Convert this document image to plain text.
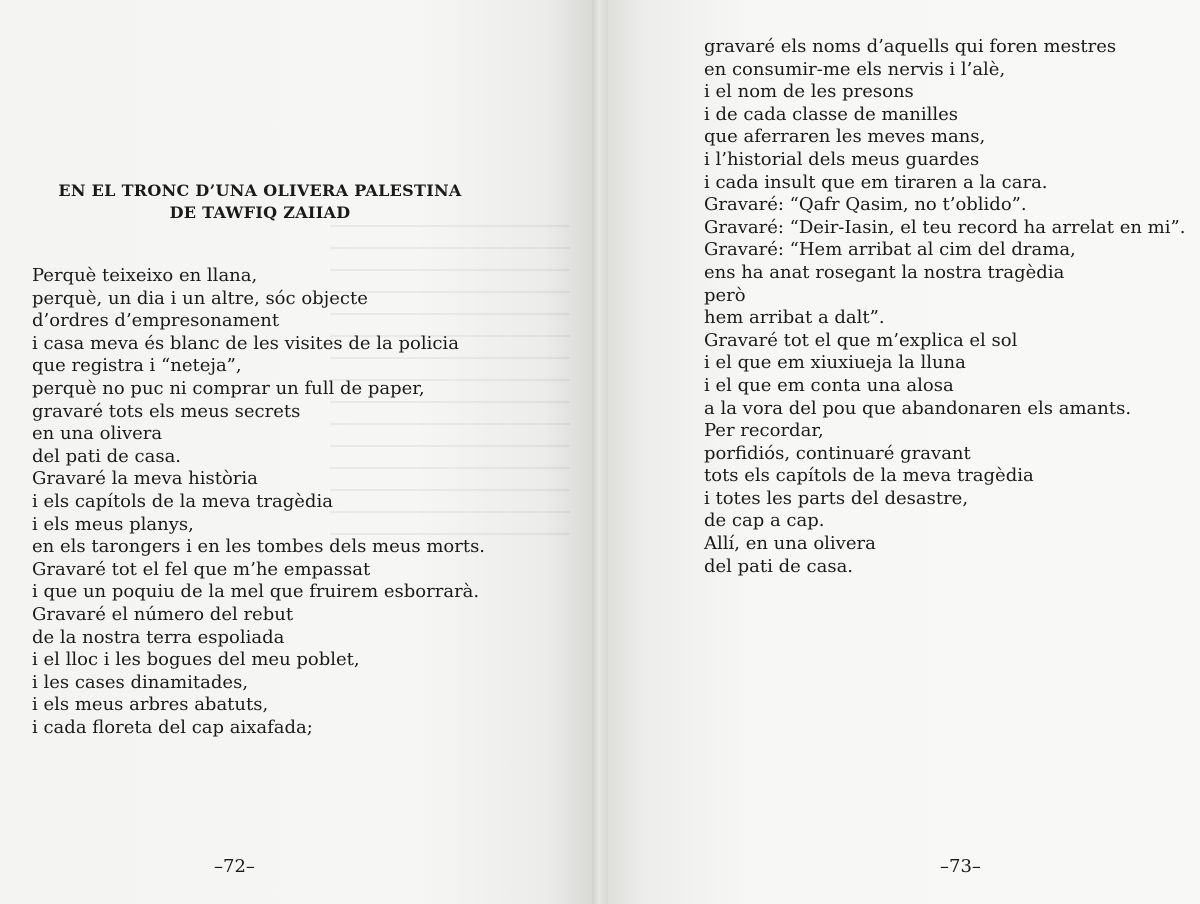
EN EL TRONC D’UNA OLIVERA PALESTINA
DE TAWFIQ ZAIIAD
Perquè teixeixo en llana,
perquè, un dia i un altre, sóc objecte
d’ordres d’empresonament
i casa meva és blanc de les visites de la policia
que registra i “neteja”,
perquè no puc ni comprar un full de paper,
gravaré tots els meus secrets
en una olivera
del pati de casa.
Gravaré la meva història
i els capítols de la meva tragèdia
i els meus planys,
en els tarongers i en les tombes dels meus morts.
Gravaré tot el fel que m’he empassat
i que un poquiu de la mel que fruirem esborrarà.
Gravaré el número del rebut
de la nostra terra espoliada
i el lloc i les bogues del meu poblet,
i les cases dinamitades,
i els meus arbres abatuts,
i cada floreta del cap aixafada;
–72–
gravaré els noms d’aquells qui foren mestres
en consumir-me els nervis i l’alè,
i el nom de les presons
i de cada classe de manilles
que aferraren les meves mans,
i l’historial dels meus guardes
i cada insult que em tiraren a la cara.
Gravaré: “Qafr Qasim, no t’oblido”.
Gravaré: “Deir-Iasin, el teu record ha arrelat en mi”.
Gravaré: “Hem arribat al cim del drama,
ens ha anat rosegant la nostra tragèdia
però
hem arribat a dalt”.
Gravaré tot el que m’explica el sol
i el que em xiuxiueja la lluna
i el que em conta una alosa
a la vora del pou que abandonaren els amants.
Per recordar,
porfidiós, continuaré gravant
tots els capítols de la meva tragèdia
i totes les parts del desastre,
de cap a cap.
Allí, en una olivera
del pati de casa.
–73–
